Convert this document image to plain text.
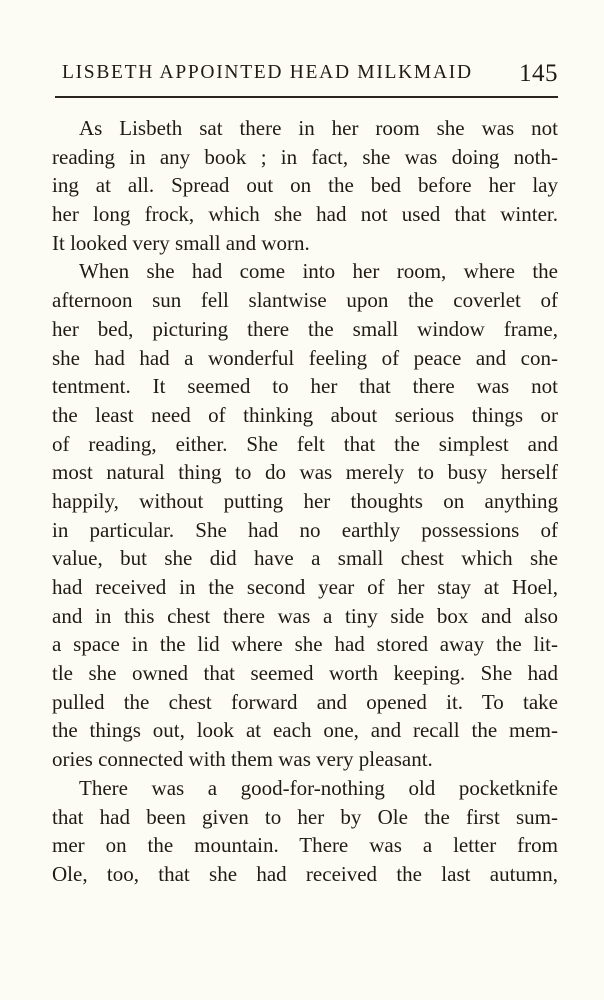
LISBETH APPOINTED HEAD MILKMAID 145
As Lisbeth sat there in her room she was not
reading in any book ; in fact, she was doing noth-
ing at all. Spread out on the bed before her lay
her long frock, which she had not used that winter.
It looked very small and worn.
When she had come into her room, where the
afternoon sun fell slantwise upon the coverlet of
her bed, picturing there the small window frame,
she had had a wonderful feeling of peace and con-
tentment. It seemed to her that there was not
the least need of thinking about serious things or
of reading, either. She felt that the simplest and
most natural thing to do was merely to busy herself
happily, without putting her thoughts on anything
in particular. She had no earthly possessions of
value, but she did have a small chest which she
had received in the second year of her stay at Hoel,
and in this chest there was a tiny side box and also
a space in the lid where she had stored away the lit-
tle she owned that seemed worth keeping. She had
pulled the chest forward and opened it. To take
the things out, look at each one, and recall the mem-
ories connected with them was very pleasant.
There was a good-for-nothing old pocketknife
that had been given to her by Ole the first sum-
mer on the mountain. There was a letter from
Ole, too, that she had received the last autumn,
